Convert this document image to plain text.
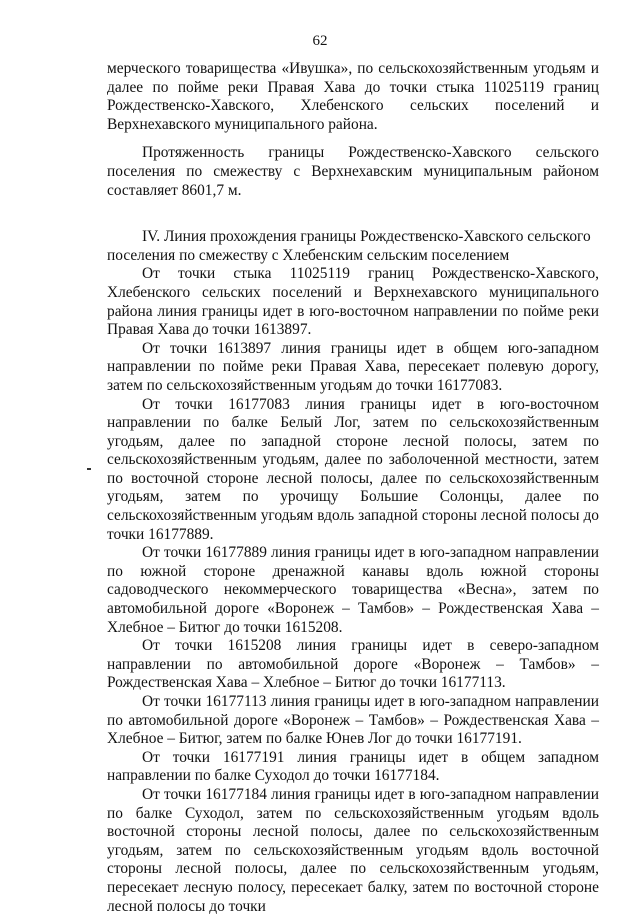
62

мерческого товарищества «Ивушка», по сельскохозяйственным угодьям и далее по пойме реки Правая Хава до точки стыка 11025119 границ Рождественско-Хавского, Хлебенского сельских поселений и Верхнехавского муниципального района.

Протяженность границы Рождественско-Хавского сельского поселения по смежеству с Верхнехавским муниципальным районом составляет 8601,7 м.

IV. Линия прохождения границы Рождественско-Хавского сельского поселения по смежеству с Хлебенским сельским поселением

От точки стыка 11025119 границ Рождественско-Хавского, Хлебенского сельских поселений и Верхнехавского муниципального района линия границы идет в юго-восточном направлении по пойме реки Правая Хава до точки 1613897.

От точки 1613897 линия границы идет в общем юго-западном направлении по пойме реки Правая Хава, пересекает полевую дорогу, затем по сельскохозяйственным угодьям до точки 16177083.

От точки 16177083 линия границы идет в юго-восточном направлении по балке Белый Лог, затем по сельскохозяйственным угодьям, далее по западной стороне лесной полосы, затем по сельскохозяйственным угодьям, далее по заболоченной местности, затем по восточной стороне лесной полосы, далее по сельскохозяйственным угодьям, затем по урочищу Большие Солонцы, далее по сельскохозяйственным угодьям вдоль западной стороны лесной полосы до точки 16177889.

От точки 16177889 линия границы идет в юго-западном направлении по южной стороне дренажной канавы вдоль южной стороны садоводческого некоммерческого товарищества «Весна», затем по автомобильной дороге «Воронеж – Тамбов» – Рождественская Хава – Хлебное – Битюг до точки 1615208.

От точки 1615208 линия границы идет в северо-западном направлении по автомобильной дороге «Воронеж – Тамбов» – Рождественская Хава – Хлебное – Битюг до точки 16177113.

От точки 16177113 линия границы идет в юго-западном направлении по автомобильной дороге «Воронеж – Тамбов» – Рождественская Хава – Хлебное – Битюг, затем по балке Юнев Лог до точки 16177191.

От точки 16177191 линия границы идет в общем западном направлении по балке Суходол до точки 16177184.

От точки 16177184 линия границы идет в юго-западном направлении по балке Суходол, затем по сельскохозяйственным угодьям вдоль восточной стороны лесной полосы, далее по сельскохозяйственным угодьям, затем по сельскохозяйственным угодьям вдоль восточной стороны лесной полосы, далее по сельскохозяйственным угодьям, пересекает лесную полосу, пересекает балку, затем по восточной стороне лесной полосы до точки
